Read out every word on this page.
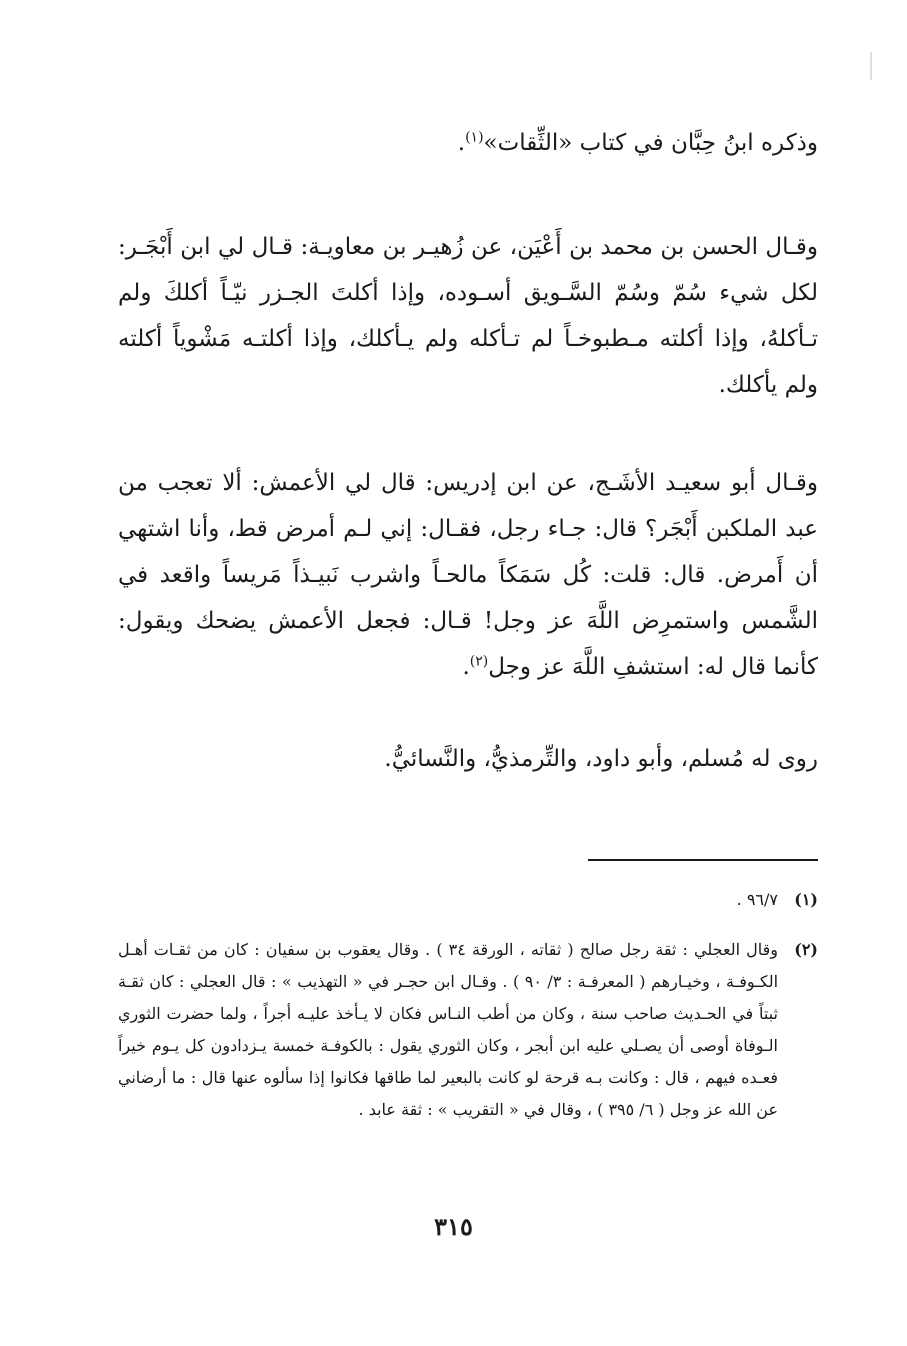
وذكره ابنُ حِبَّان في كتاب «الثِّقات»$^{(١)}$.

وقـال الحسن بن محمد بن أَعْيَن، عن زُهيـر بن معاويـة: قـال لي ابن أَبْجَـر: لكل شيء سُمّ وسُمّ السَّـويق أسـوده، وإذا أكلتَ الجـزر نيّـاً أكلكَ ولم تـأكلهُ، وإذا أكلته مـطبوخـاً لم تـأكله ولم يـأكلك، وإذا أكلتـه مَشْوياً أكلته ولم يأكلك.

وقـال أبو سعيـد الأشَـج، عن ابن إدريس: قال لي الأعمش: ألا تعجب من عبد الملكبن أَبْجَر؟ قال: جـاء رجل، فقـال: إني لـم أمرض قط، وأنا اشتهي أن أَمرض. قال: قلت: كُل سَمَكاً مالحـاً واشرب نَبيـذاً مَريساً واقعد في الشَّمس واستمرِض اللَّهَ عز وجل! قـال: فجعل الأعمش يضحك ويقول: كأنما قال له: استشفِ اللَّهَ عز وجل$^{(٢)}$.

روى له مُسلم، وأبو داود، والتِّرمذيُّ، والنَّسائيُّ.

(١)٩٦/٧ .

(٢)
وقال العجلي : ثقة رجل صالح ( ثقاته ، الورقة ٣٤ ) . وقال يعقوب بن سفيان : كان من ثقـات أهـل الكـوفـة ، وخيـارهم ( المعرفـة : ٣/ ٩٠ ) . وقـال ابن حجـر في « التهذيب » : قال العجلي : كان ثقـة ثبتاً في الحـديث صاحب سنة ، وكان من أطب النـاس فكان لا يـأخذ عليـه أجراً ، ولما حضرت الثوري الـوفاة أوصى أن يصـلي عليه ابن أبجر ، وكان الثوري يقول : بالكوفـة خمسة يـزدادون كل يـوم خيراً فعـده فيهم ، قال : وكانت بـه قرحة لو كانت بالبعير لما طاقها فكانوا إذا سألوه عنها قال : ما أرضاني عن الله عز وجل ( ٦/ ٣٩٥ ) ، وقال في « التقريب » : ثقة عابد .
٣١٥
